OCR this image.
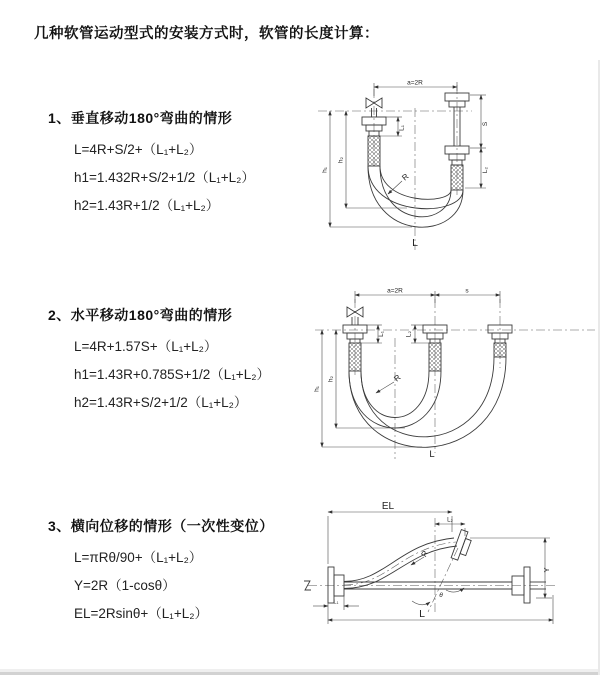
几种软管运动型式的安装方式时，软管的长度计算：
1、垂直移动180°弯曲的情形
L=4R+S/2+（L₁+L₂）
h1=1.432R+S/2+1/2（L₁+L₂）
h2=1.43R+1/2（L₁+L₂）
2、水平移动180°弯曲的情形
L=4R+1.57S+（L₁+L₂）
h1=1.43R+0.785S+1/2（L₁+L₂）
h2=1.43R+S/2+1/2（L₁+L₂）
3、横向位移的情形（一次性变位）
L=πRθ/90+（L₁+L₂）
Y=2R（1-cosθ）
EL=2Rsinθ+（L₁+L₂）
a=2R
S
L₂
L₁
h₁
h₂
R
L
a=2R	s
L₁	L₂
h₁
h₂	R
L
EL
L₂
Y
θ
R
L
L₁
